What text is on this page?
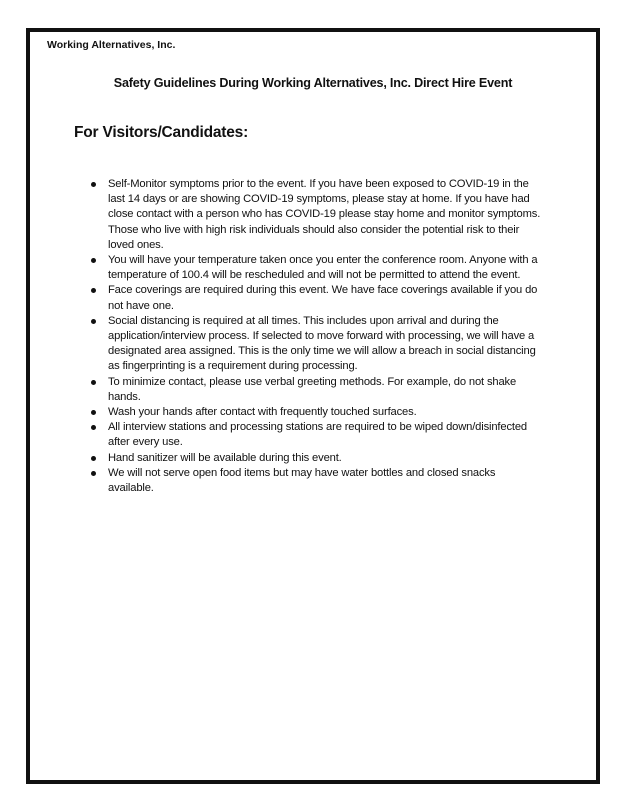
Working Alternatives, Inc.
Safety Guidelines During Working Alternatives, Inc. Direct Hire Event
For Visitors/Candidates:
Self-Monitor symptoms prior to the event. If you have been exposed to COVID-19 in the last 14 days or are showing COVID-19 symptoms, please stay at home. If you have had close contact with a person who has COVID-19 please stay home and monitor symptoms. Those who live with high risk individuals should also consider the potential risk to their loved ones.
You will have your temperature taken once you enter the conference room. Anyone with a temperature of 100.4 will be rescheduled and will not be permitted to attend the event.
Face coverings are required during this event. We have face coverings available if you do not have one.
Social distancing is required at all times. This includes upon arrival and during the application/interview process. If selected to move forward with processing, we will have a designated area assigned. This is the only time we will allow a breach in social distancing as fingerprinting is a requirement during processing.
To minimize contact, please use verbal greeting methods. For example, do not shake hands.
Wash your hands after contact with frequently touched surfaces.
All interview stations and processing stations are required to be wiped down/disinfected after every use.
Hand sanitizer will be available during this event.
We will not serve open food items but may have water bottles and closed snacks available.
